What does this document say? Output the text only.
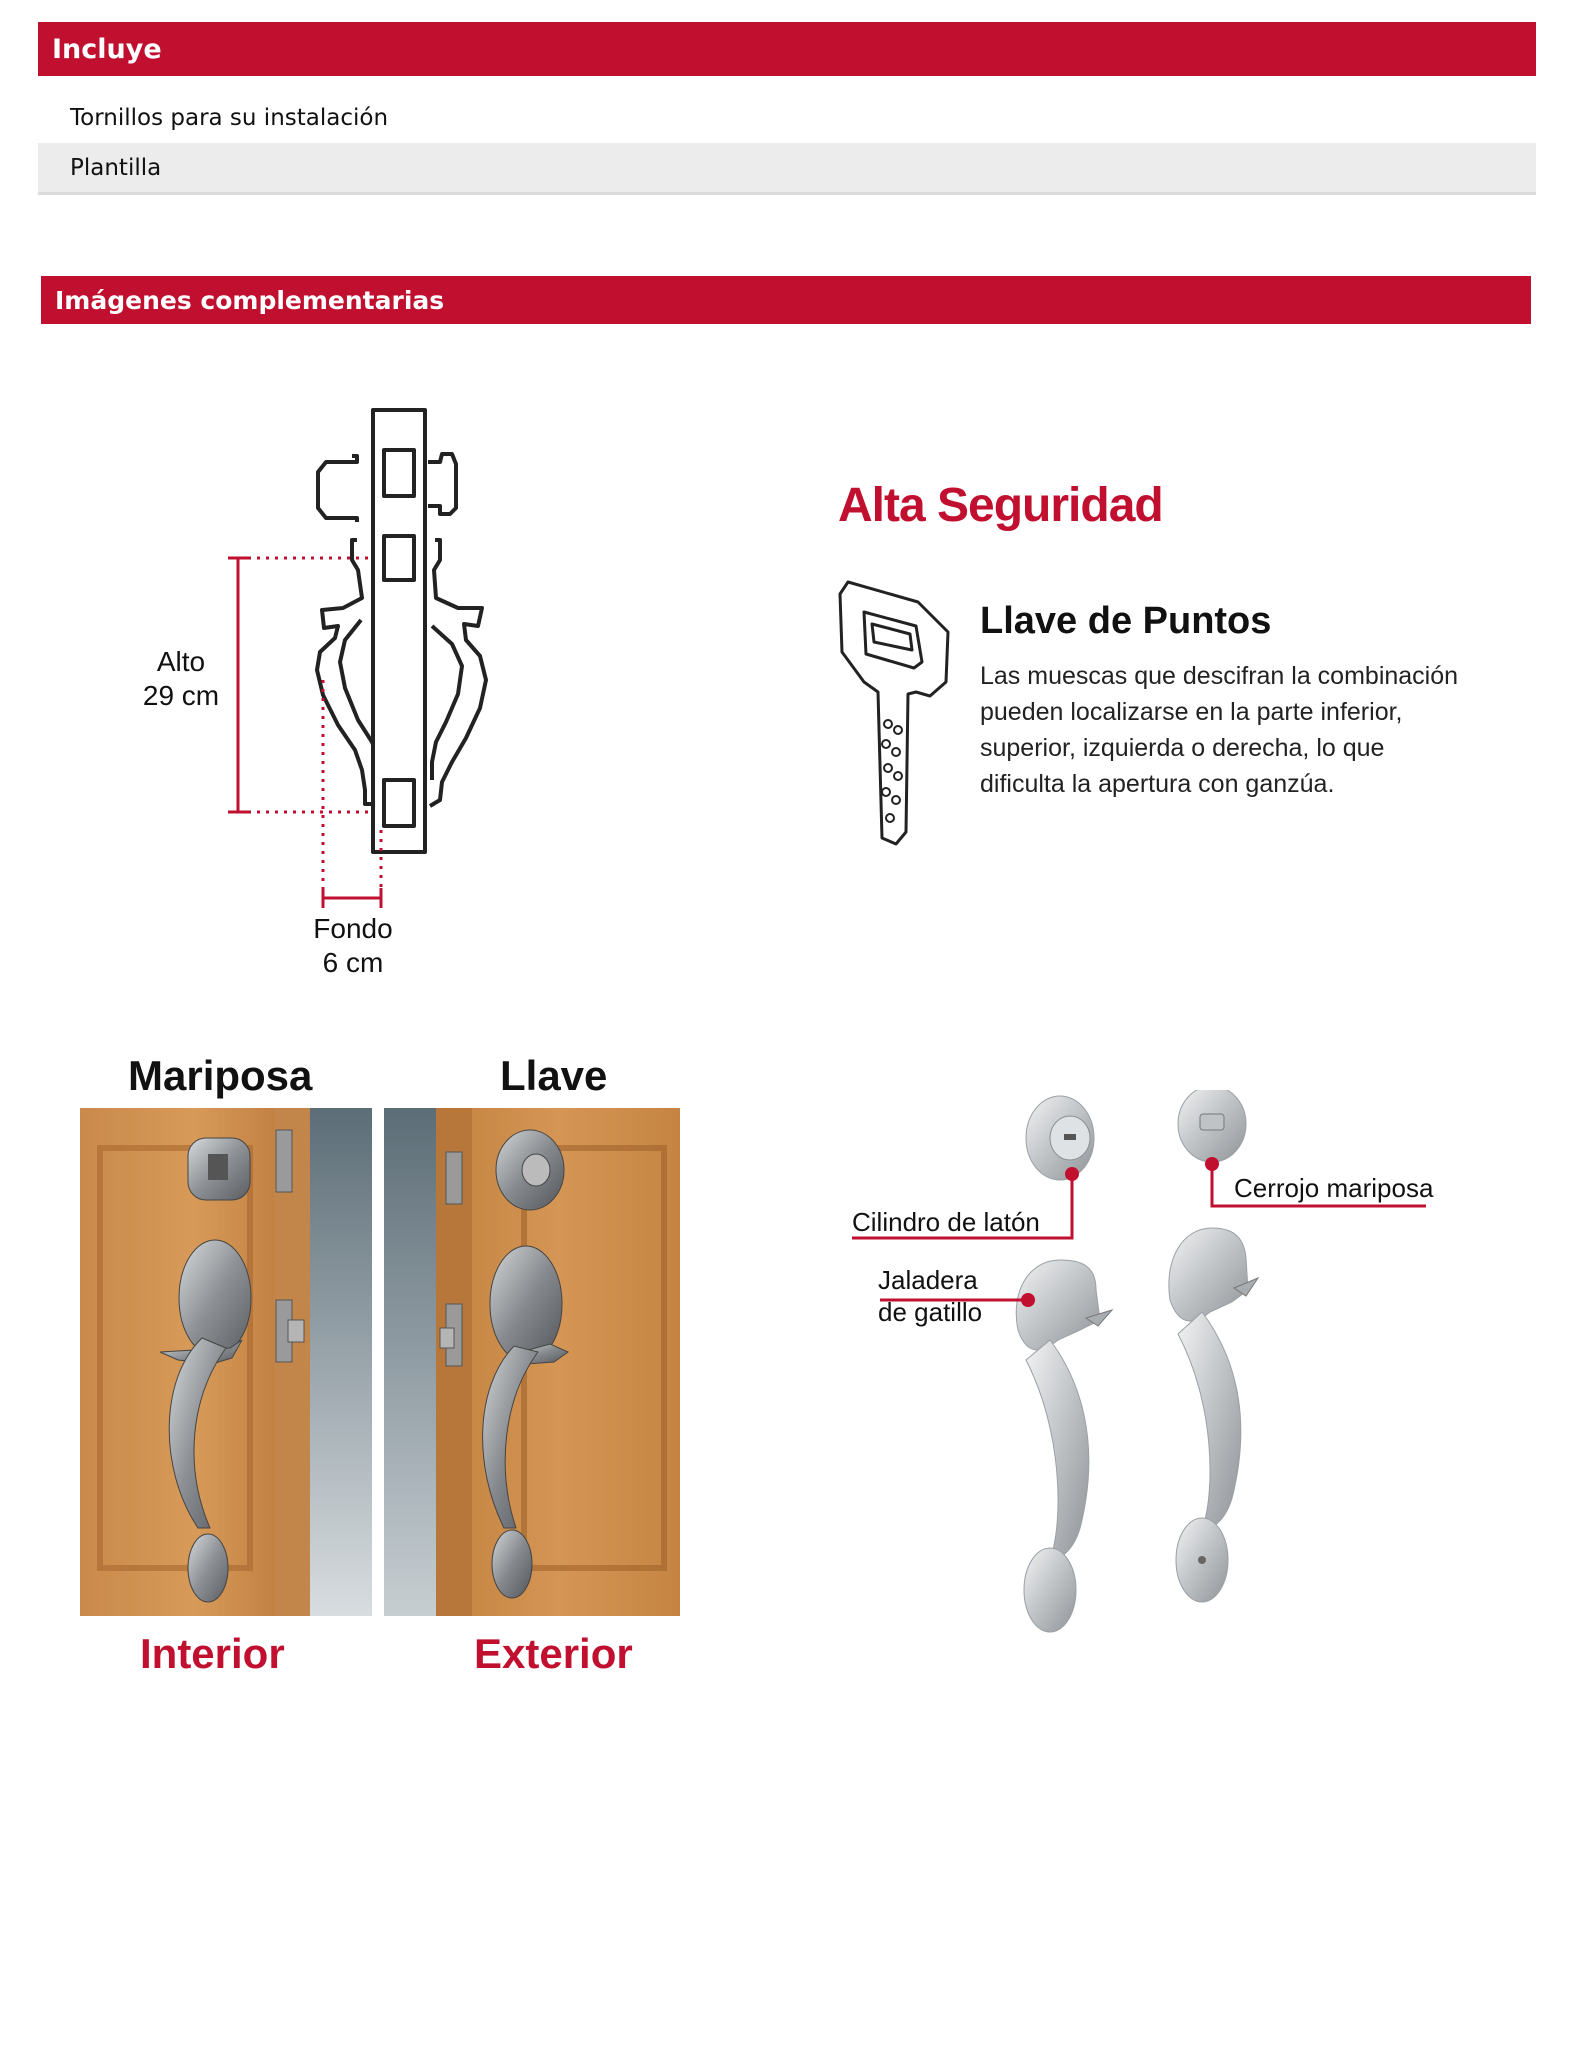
Incluye
Tornillos para su instalación
Plantilla
Imágenes complementarias
Alto
29 cm
Fondo
6 cm
Alta Seguridad
Llave de Puntos
Las muescas que descifran la combinación
pueden localizarse en la parte inferior,
superior, izquierda o derecha, lo que
dificulta la apertura con ganzúa.
Mariposa	Llave
Interior	Exterior
Cilindro de latón
Cerrojo mariposa
Jaladera
de gatillo
